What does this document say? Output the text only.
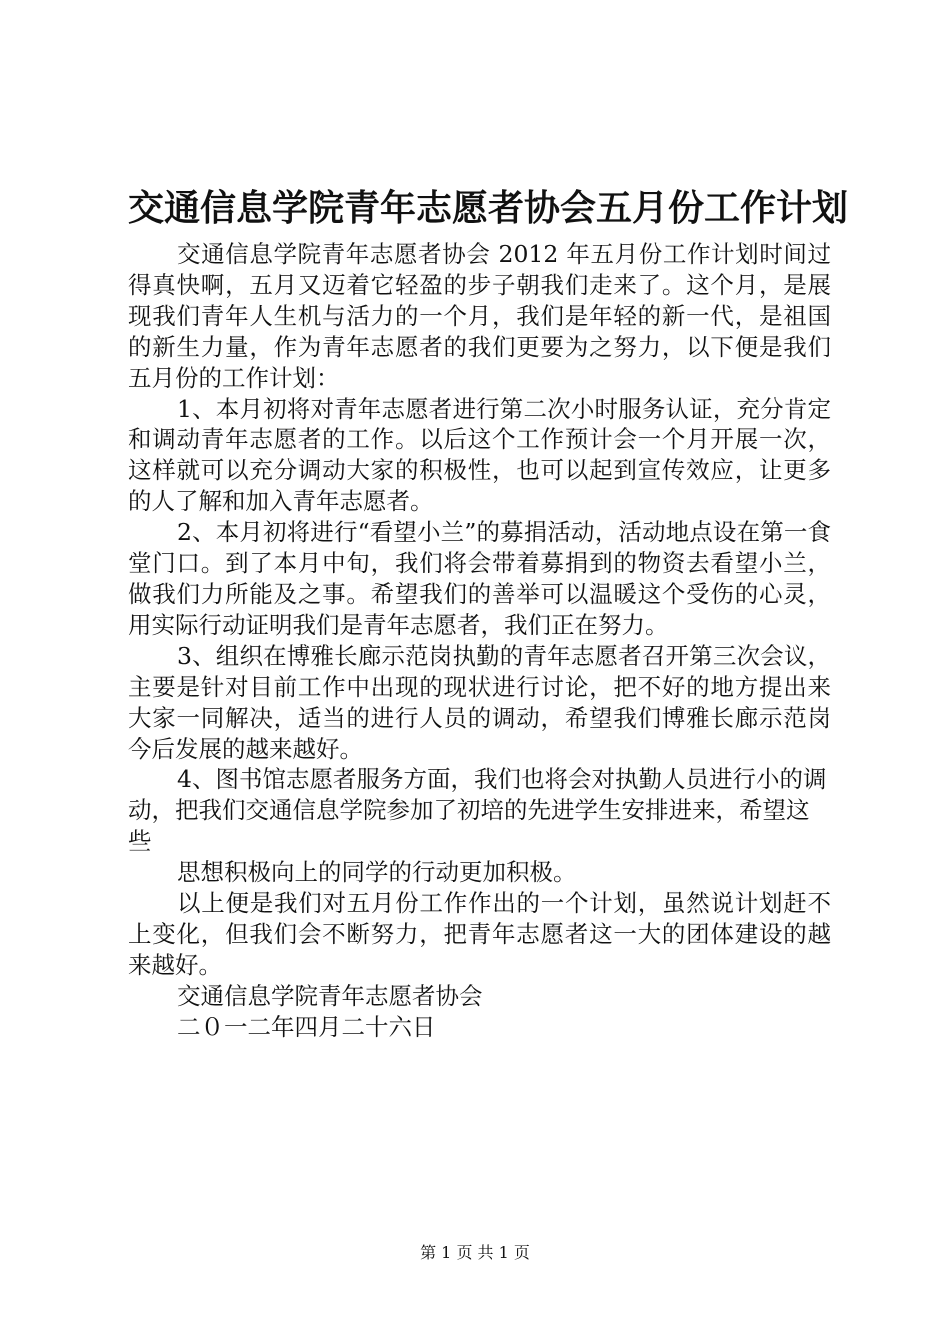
交通信息学院青年志愿者协会五月份工作计划

交通信息学院青年志愿者协会 2012 年五月份工作计划时间过得真快啊，五月又迈着它轻盈的步子朝我们走来了。这个月，是展现我们青年人生机与活力的一个月，我们是年轻的新一代，是祖国的新生力量，作为青年志愿者的我们更要为之努力，以下便是我们五月份的工作计划：

1、本月初将对青年志愿者进行第二次小时服务认证，充分肯定和调动青年志愿者的工作。以后这个工作预计会一个月开展一次，这样就可以充分调动大家的积极性，也可以起到宣传效应，让更多的人了解和加入青年志愿者。

2、本月初将进行“看望小兰”的募捐活动，活动地点设在第一食堂门口。到了本月中旬，我们将会带着募捐到的物资去看望小兰，做我们力所能及之事。希望我们的善举可以温暖这个受伤的心灵，用实际行动证明我们是青年志愿者，我们正在努力。

3、组织在博雅长廊示范岗执勤的青年志愿者召开第三次会议，主要是针对目前工作中出现的现状进行讨论，把不好的地方提出来大家一同解决，适当的进行人员的调动，希望我们博雅长廊示范岗今后发展的越来越好。

4、图书馆志愿者服务方面，我们也将会对执勤人员进行小的调动，把我们交通信息学院参加了初培的先进学生安排进来，希望这些

思想积极向上的同学的行动更加积极。

以上便是我们对五月份工作作出的一个计划，虽然说计划赶不上变化，但我们会不断努力，把青年志愿者这一大的团体建设的越来越好。

交通信息学院青年志愿者协会

二０一二年四月二十六日

第 1 页 共 1 页
